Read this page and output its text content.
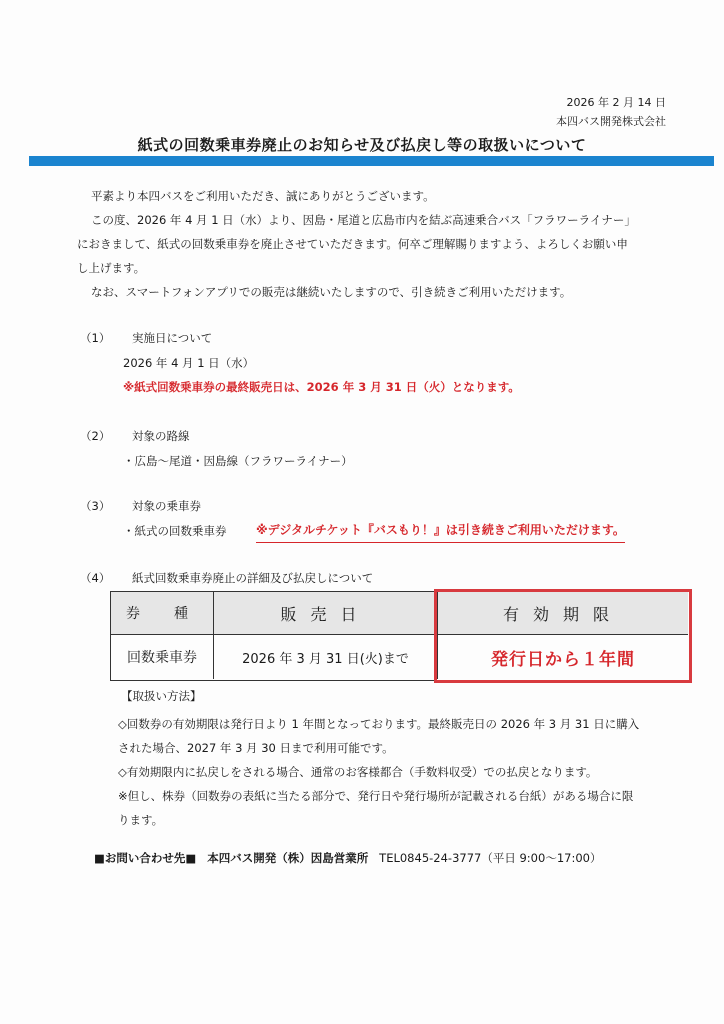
2026 年 2 月 14 日
本四バス開発株式会社
紙式の回数乗車券廃止のお知らせ及び払戻し等の取扱いについて
平素より本四バスをご利用いただき、誠にありがとうございます。
この度、2026 年 4 月 1 日（水）より、因島・尾道と広島市内を結ぶ高速乗合バス「フラワーライナー」
におきまして、紙式の回数乗車券を廃止させていただきます。何卒ご理解賜りますよう、よろしくお願い申
し上げます。
なお、スマートフォンアプリでの販売は継続いたしますので、引き続きご利用いただけます。
（1） 実施日について
2026 年 4 月 1 日（水）
※紙式回数乗車券の最終販売日は、2026 年 3 月 31 日（火）となります。
（2） 対象の路線
・広島〜尾道・因島線（フラワーライナー）
（3） 対象の乗車券
・紙式の回数乗車券 ※デジタルチケット『バスもり！』は引き続きご利用いただけます。
（4） 紙式回数乗車券廃止の詳細及び払戻しについて
券　種	販売日	有効期限
回数乗車券	2026 年 3 月 31 日(火)まで	発行日から１年間
【取扱い方法】
◇回数券の有効期限は発行日より 1 年間となっております。最終販売日の 2026 年 3 月 31 日に購入
された場合、2027 年 3 月 30 日まで利用可能です。
◇有効期限内に払戻しをされる場合、通常のお客様都合（手数料収受）での払戻となります。
※但し、株券（回数券の表紙に当たる部分で、発行日や発行場所が記載される台紙）がある場合に限
ります。
■お問い合わせ先■ 本四バス開発（株）因島営業所 TEL0845-24-3777（平日 9:00〜17:00）
